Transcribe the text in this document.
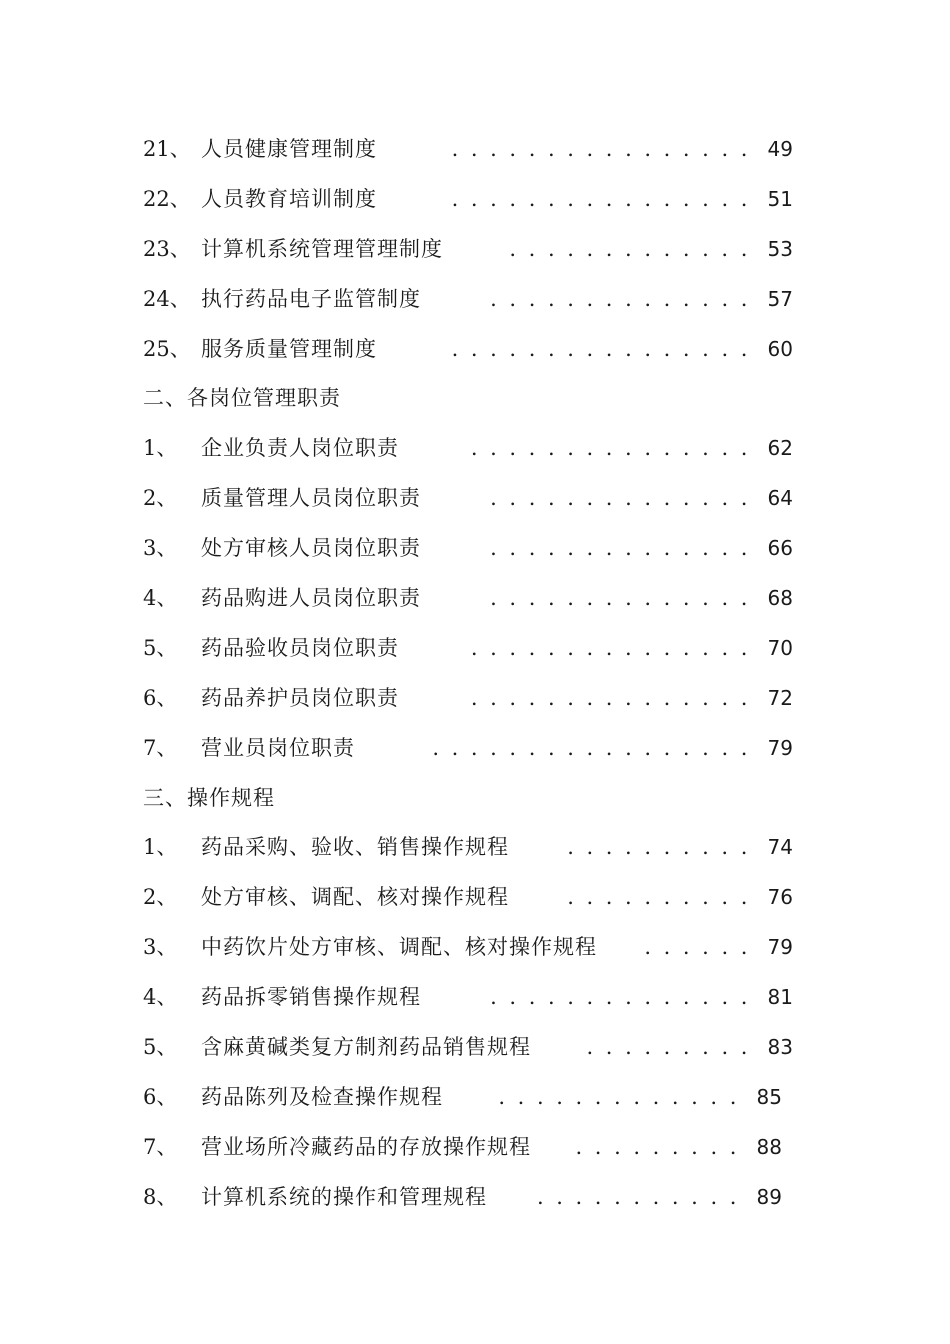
21、 人员健康管理制度	................ 49
22、 人员教育培训制度	................ 51
23、 计算机系统管理管理制度	............. 53
24、 执行药品电子监管制度	.............. 57
25、 服务质量管理制度	................ 60
二、各岗位管理职责
1、 企业负责人岗位职责	............... 62
2、 质量管理人员岗位职责	.............. 64
3、 处方审核人员岗位职责	.............. 66
4、 药品购进人员岗位职责	.............. 68
5、 药品验收员岗位职责	............... 70
6、 药品养护员岗位职责	............... 72
7、 营业员岗位职责	................. 79
三、操作规程
1、 药品采购、验收、销售操作规程	.......... 74
2、 处方审核、调配、核对操作规程	.......... 76
3、 中药饮片处方审核、调配、核对操作规程	...... 79
4、 药品拆零销售操作规程	.............. 81
5、 含麻黄碱类复方制剂药品销售规程	......... 83
6、 药品陈列及检查操作规程	............. 85
7、 营业场所冷藏药品的存放操作规程	......... 88
8、 计算机系统的操作和管理规程	........... 89
